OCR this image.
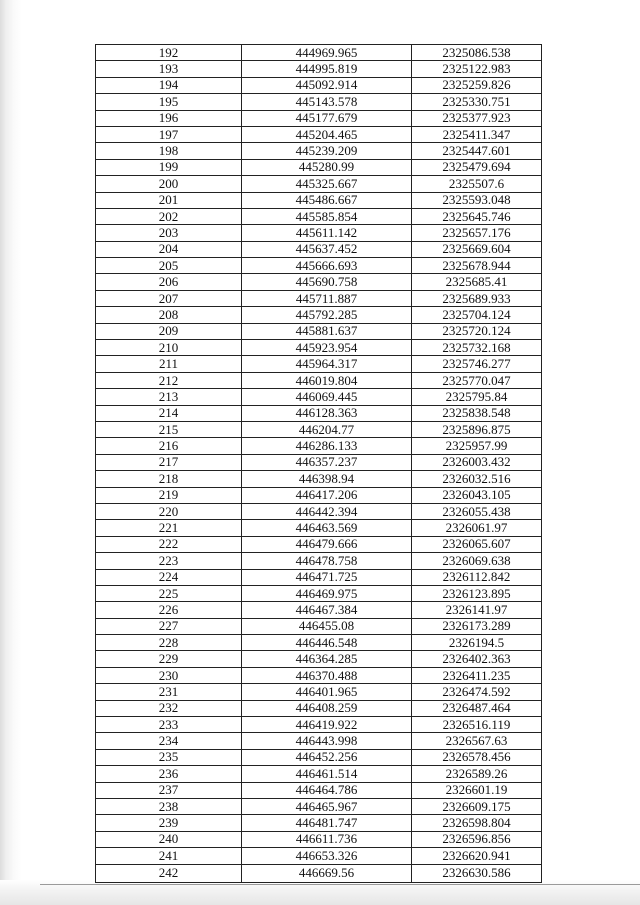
192	444969.965	2325086.538
193	444995.819	2325122.983
194	445092.914	2325259.826
195	445143.578	2325330.751
196	445177.679	2325377.923
197	445204.465	2325411.347
198	445239.209	2325447.601
199	445280.99	2325479.694
200	445325.667	2325507.6
201	445486.667	2325593.048
202	445585.854	2325645.746
203	445611.142	2325657.176
204	445637.452	2325669.604
205	445666.693	2325678.944
206	445690.758	2325685.41
207	445711.887	2325689.933
208	445792.285	2325704.124
209	445881.637	2325720.124
210	445923.954	2325732.168
211	445964.317	2325746.277
212	446019.804	2325770.047
213	446069.445	2325795.84
214	446128.363	2325838.548
215	446204.77	2325896.875
216	446286.133	2325957.99
217	446357.237	2326003.432
218	446398.94	2326032.516
219	446417.206	2326043.105
220	446442.394	2326055.438
221	446463.569	2326061.97
222	446479.666	2326065.607
223	446478.758	2326069.638
224	446471.725	2326112.842
225	446469.975	2326123.895
226	446467.384	2326141.97
227	446455.08	2326173.289
228	446446.548	2326194.5
229	446364.285	2326402.363
230	446370.488	2326411.235
231	446401.965	2326474.592
232	446408.259	2326487.464
233	446419.922	2326516.119
234	446443.998	2326567.63
235	446452.256	2326578.456
236	446461.514	2326589.26
237	446464.786	2326601.19
238	446465.967	2326609.175
239	446481.747	2326598.804
240	446611.736	2326596.856
241	446653.326	2326620.941
242	446669.56	2326630.586
